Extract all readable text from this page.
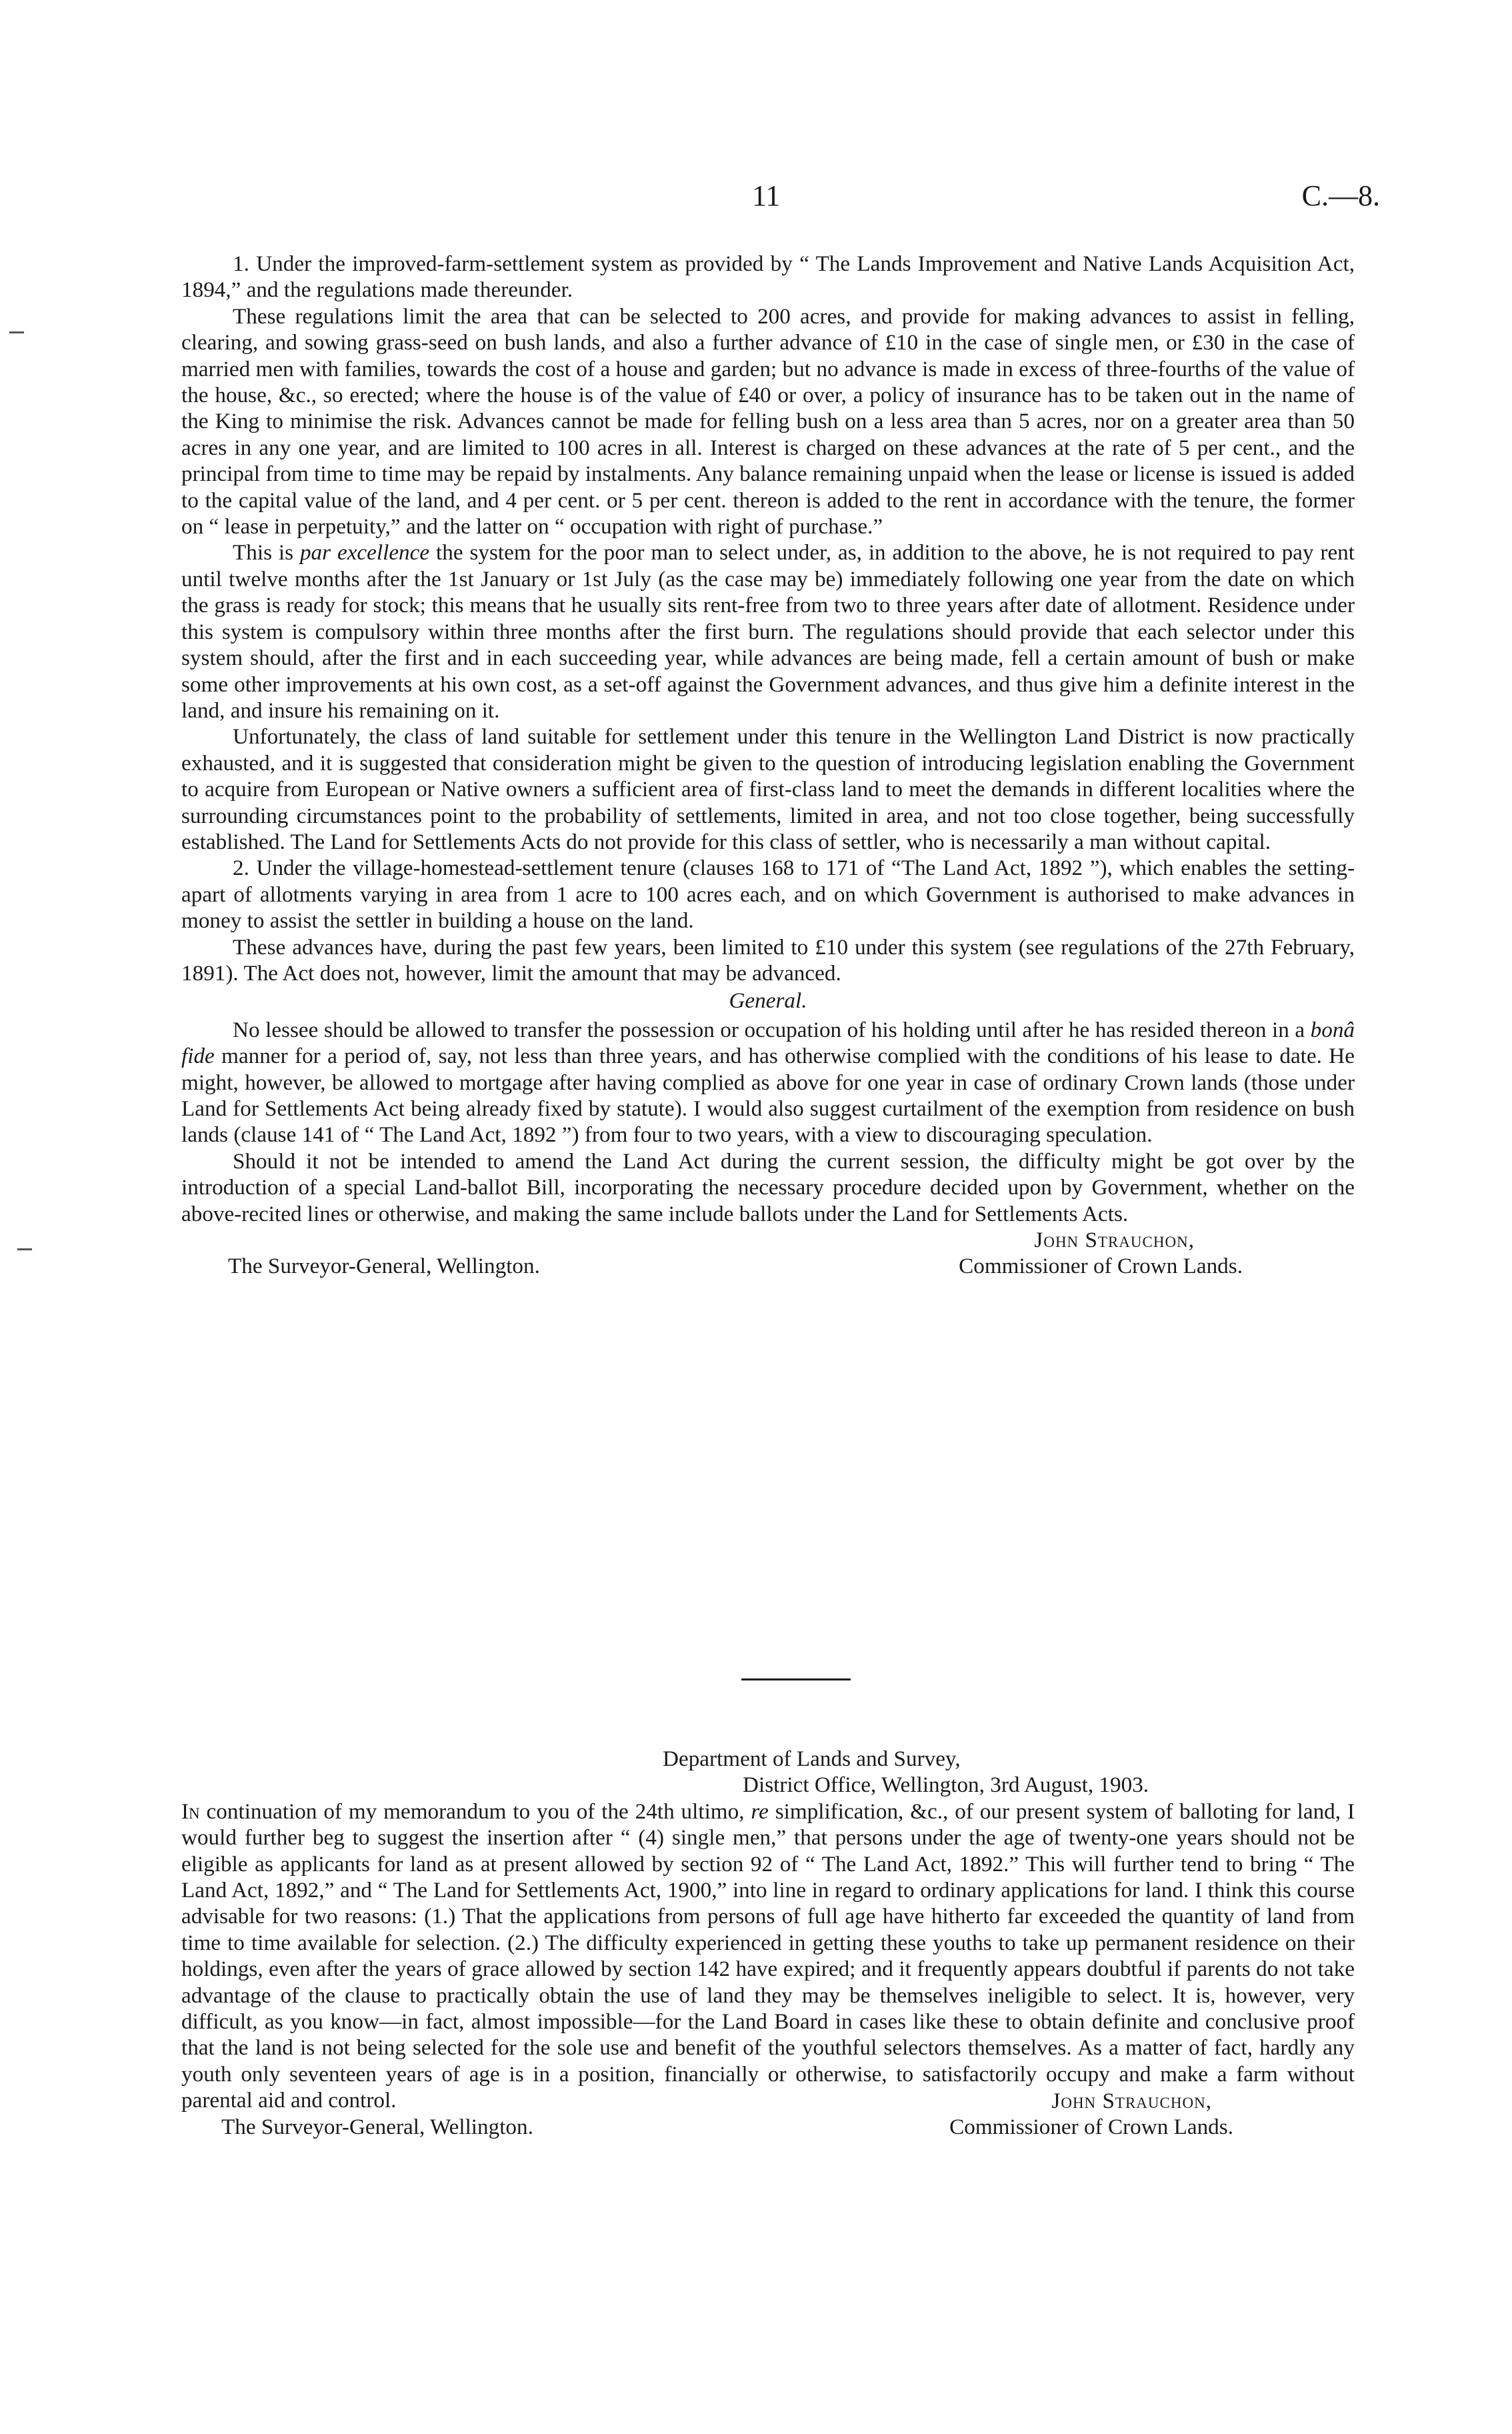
11	C.—8.

1. Under the improved-farm-settlement system as provided by “ The Lands Improvement and Native Lands Acquisition Act, 1894,” and the regulations made thereunder.

These regulations limit the area that can be selected to 200 acres, and provide for making advances to assist in felling, clearing, and sowing grass-seed on bush lands, and also a further advance of £10 in the case of single men, or £30 in the case of married men with families, towards the cost of a house and garden; but no advance is made in excess of three-fourths of the value of the house, &c., so erected; where the house is of the value of £40 or over, a policy of insurance has to be taken out in the name of the King to minimise the risk. Advances cannot be made for felling bush on a less area than 5 acres, nor on a greater area than 50 acres in any one year, and are limited to 100 acres in all. Interest is charged on these advances at the rate of 5 per cent., and the principal from time to time may be repaid by instalments. Any balance remaining unpaid when the lease or license is issued is added to the capital value of the land, and 4 per cent. or 5 per cent. thereon is added to the rent in accordance with the tenure, the former on “ lease in perpetuity,” and the latter on “ occupation with right of purchase.”

This is par excellence the system for the poor man to select under, as, in addition to the above, he is not required to pay rent until twelve months after the 1st January or 1st July (as the case may be) immediately following one year from the date on which the grass is ready for stock; this means that he usually sits rent-free from two to three years after date of allotment. Residence under this system is compulsory within three months after the first burn. The regulations should provide that each selector under this system should, after the first and in each succeeding year, while advances are being made, fell a certain amount of bush or make some other improvements at his own cost, as a set-off against the Government advances, and thus give him a definite interest in the land, and insure his remaining on it.

Unfortunately, the class of land suitable for settlement under this tenure in the Wellington Land District is now practically exhausted, and it is suggested that consideration might be given to the question of introducing legislation enabling the Government to acquire from European or Native owners a sufficient area of first-class land to meet the demands in different localities where the surrounding circumstances point to the probability of settlements, limited in area, and not too close together, being successfully established. The Land for Settlements Acts do not provide for this class of settler, who is necessarily a man without capital.

2. Under the village-homestead-settlement tenure (clauses 168 to 171 of “The Land Act, 1892 ”), which enables the setting-apart of allotments varying in area from 1 acre to 100 acres each, and on which Government is authorised to make advances in money to assist the settler in building a house on the land.

These advances have, during the past few years, been limited to £10 under this system (see regulations of the 27th February, 1891). The Act does not, however, limit the amount that may be advanced.

General.

No lessee should be allowed to transfer the possession or occupation of his holding until after he has resided thereon in a bonâ fide manner for a period of, say, not less than three years, and has otherwise complied with the conditions of his lease to date. He might, however, be allowed to mortgage after having complied as above for one year in case of ordinary Crown lands (those under Land for Settlements Act being already fixed by statute). I would also suggest curtailment of the exemption from residence on bush lands (clause 141 of “ The Land Act, 1892 ”) from four to two years, with a view to discouraging speculation.

Should it not be intended to amend the Land Act during the current session, the difficulty might be got over by the introduction of a special Land-ballot Bill, incorporating the necessary procedure decided upon by Government, whether on the above-recited lines or otherwise, and making the same include ballots under the Land for Settlements Acts.

John Strauchon,
The Surveyor-General, Wellington.	Commissioner of Crown Lands.
Department of Lands and Survey,
District Office, Wellington, 3rd August, 1903.

In continuation of my memorandum to you of the 24th ultimo, re simplification, &c., of our present system of balloting for land, I would further beg to suggest the insertion after “ (4) single men,” that persons under the age of twenty-one years should not be eligible as applicants for land as at present allowed by section 92 of “ The Land Act, 1892.” This will further tend to bring “ The Land Act, 1892,” and “ The Land for Settlements Act, 1900,” into line in regard to ordinary applications for land. I think this course advisable for two reasons: (1.) That the applications from persons of full age have hitherto far exceeded the quantity of land from time to time available for selection. (2.) The difficulty experienced in getting these youths to take up permanent residence on their holdings, even after the years of grace allowed by section 142 have expired; and it frequently appears doubtful if parents do not take advantage of the clause to practically obtain the use of land they may be themselves ineligible to select. It is, however, very difficult, as you know—in fact, almost impossible—for the Land Board in cases like these to obtain definite and conclusive proof that the land is not being selected for the sole use and benefit of the youthful selectors themselves. As a matter of fact, hardly any youth only seventeen years of age is in a position, financially or otherwise, to satisfactorily occupy and make a farm without parental aid and control.	John Strauchon,
The Surveyor-General, Wellington.	Commissioner of Crown Lands.
